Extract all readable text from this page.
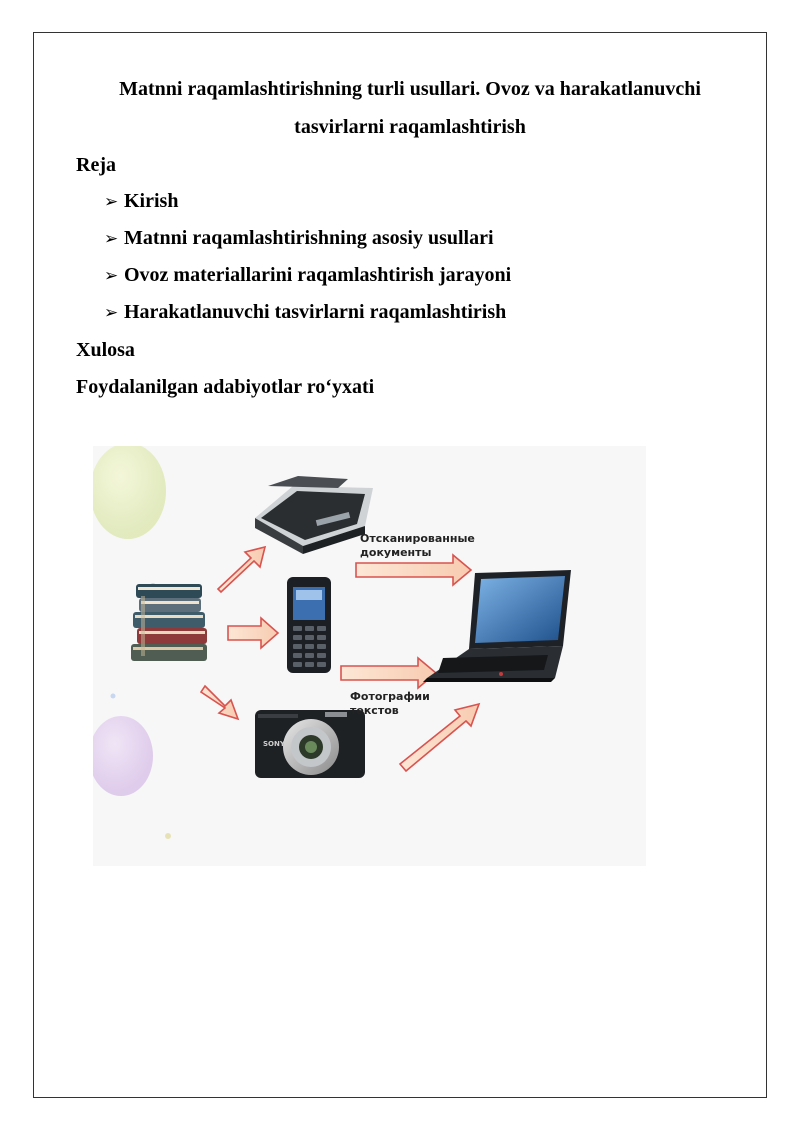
Matnni raqamlashtirishning turli usullari. Ovoz va harakatlanuvchi
tasvirlarni raqamlashtirish
Reja
➢ Kirish
➢ Matnni raqamlashtirishning asosiy usullari
➢ Ovoz materiallarini raqamlashtirish jarayoni
➢ Harakatlanuvchi tasvirlarni raqamlashtirish
Xulosa
Foydalanilgan adabiyotlar ro‘yxati
SONY
Отсканированные
документы
Фотографии
текстов
